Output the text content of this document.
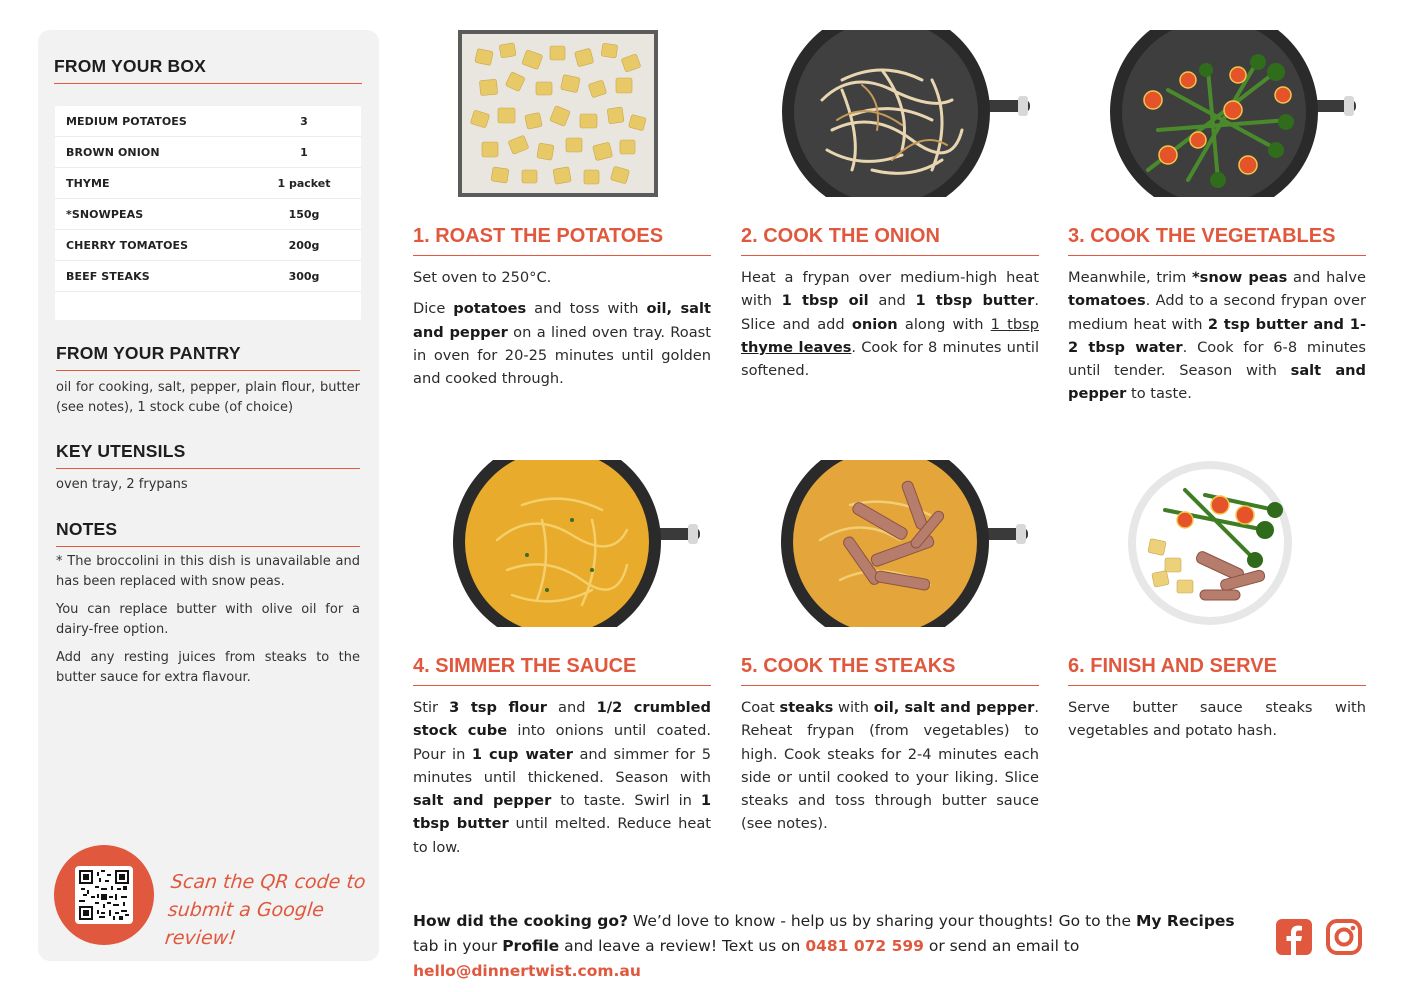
FROM YOUR BOX
MEDIUM POTATOES	3
BROWN ONION	1
THYME	1 packet
*SNOWPEAS	150g
CHERRY TOMATOES	200g
BEEF STEAKS	300g
FROM YOUR PANTRY
oil for cooking, salt, pepper, plain flour, butter (see notes), 1 stock cube (of choice)
KEY UTENSILS
oven tray, 2 frypans
NOTES

* The broccolini in this dish is unavailable and has been replaced with snow peas.

You can replace butter with olive oil for a dairy-free option.

Add any resting juices from steaks to the butter sauce for extra flavour.

Scan the QR code to submit a Google review!
1. ROAST THE POTATOES

Set oven to 250°C.

Dice potatoes and toss with oil, salt and pepper on a lined oven tray. Roast in oven for 20-25 minutes until golden and cooked through.

2. COOK THE ONION

Heat a frypan over medium-high heat with 1 tbsp oil and 1 tbsp butter. Slice and add onion along with 1 tbsp thyme leaves. Cook for 8 minutes until softened.

3. COOK THE VEGETABLES

Meanwhile, trim *snow peas and halve tomatoes. Add to a second frypan over medium heat with 2 tsp butter and 1-2 tbsp water. Cook for 6-8 minutes until tender. Season with salt and pepper to taste.

4. SIMMER THE SAUCE

Stir 3 tsp flour and 1/2 crumbled stock cube into onions until coated. Pour in 1 cup water and simmer for 5 minutes until thickened. Season with salt and pepper to taste. Swirl in 1 tbsp butter until melted. Reduce heat to low.

5. COOK THE STEAKS

Coat steaks with oil, salt and pepper. Reheat frypan (from vegetables) to high. Cook steaks for 2-4 minutes each side or until cooked to your liking. Slice steaks and toss through butter sauce (see notes).

6. FINISH AND SERVE

Serve butter sauce steaks with vegetables and potato hash.

How did the cooking go? We’d love to know - help us by sharing your thoughts! Go to the My Recipes tab in your Profile and leave a review! Text us on 0481 072 599 or send an email to hello@dinnertwist.com.au
